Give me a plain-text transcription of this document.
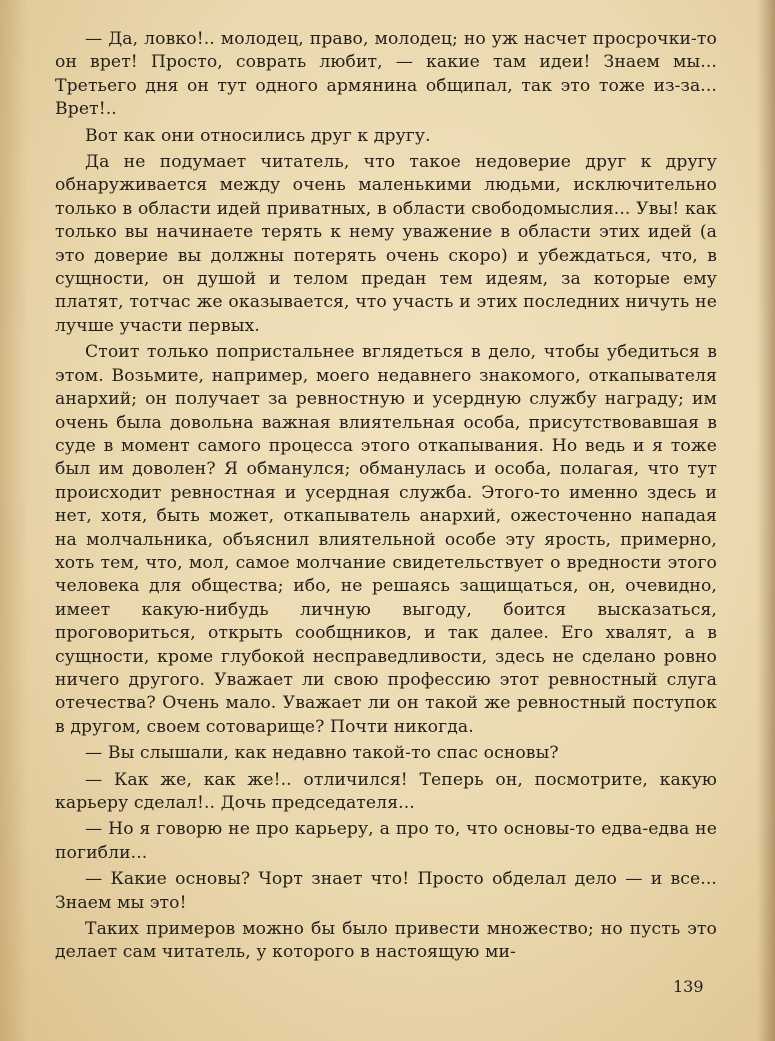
— Да, ловко!.. молодец, право, молодец; но уж насчет просрочки-то он врет! Просто, соврать любит, — какие там идеи! Знаем мы... Третьего дня он тут одного армянина общипал, так это тоже из-за... Врет!..

Вот как они относились друг к другу.

Да не подумает читатель, что такое недоверие друг к другу обнаруживается между очень маленькими людьми, исключительно только в области идей приватных, в области свободомыслия... Увы! как только вы начинаете терять к нему уважение в области этих идей (а это доверие вы должны потерять очень скоро) и убеждаться, что, в сущности, он душой и телом предан тем идеям, за которые ему платят, тотчас же оказывается, что участь и этих последних ничуть не лучше участи первых.

Стоит только попристальнее вглядеться в дело, чтобы убедиться в этом. Возьмите, например, моего недавнего знакомого, откапывателя анархий; он получает за ревностную и усердную службу награду; им очень была довольна важная влиятельная особа, присутствовавшая в суде в момент самого процесса этого откапывания. Но ведь и я тоже был им доволен? Я обманулся; обманулась и особа, полагая, что тут происходит ревностная и усердная служба. Этого-то именно здесь и нет, хотя, быть может, откапыватель анархий, ожесточенно нападая на молчальника, объяснил влиятельной особе эту ярость, примерно, хоть тем, что, мол, самое молчание свидетельствует о вредности этого человека для общества; ибо, не решаясь защищаться, он, очевидно, имеет какую-нибудь личную выгоду, боится высказаться, проговориться, открыть сообщников, и так далее. Его хвалят, а в сущности, кроме глубокой несправедливости, здесь не сделано ровно ничего другого. Уважает ли свою профессию этот ревностный слуга отечества? Очень мало. Уважает ли он такой же ревностный поступок в другом, своем сотоварище? Почти никогда.

— Вы слышали, как недавно такой-то спас основы?

— Как же, как же!.. отличился! Теперь он, посмотрите, какую карьеру сделал!.. Дочь председателя...

— Но я говорю не про карьеру, а про то, что основы-то едва-едва не погибли...

— Какие основы? Чорт знает что! Просто обделал дело — и все... Знаем мы это!

Таких примеров можно бы было привести множество; но пусть это делает сам читатель, у которого в настоящую ми-

139
